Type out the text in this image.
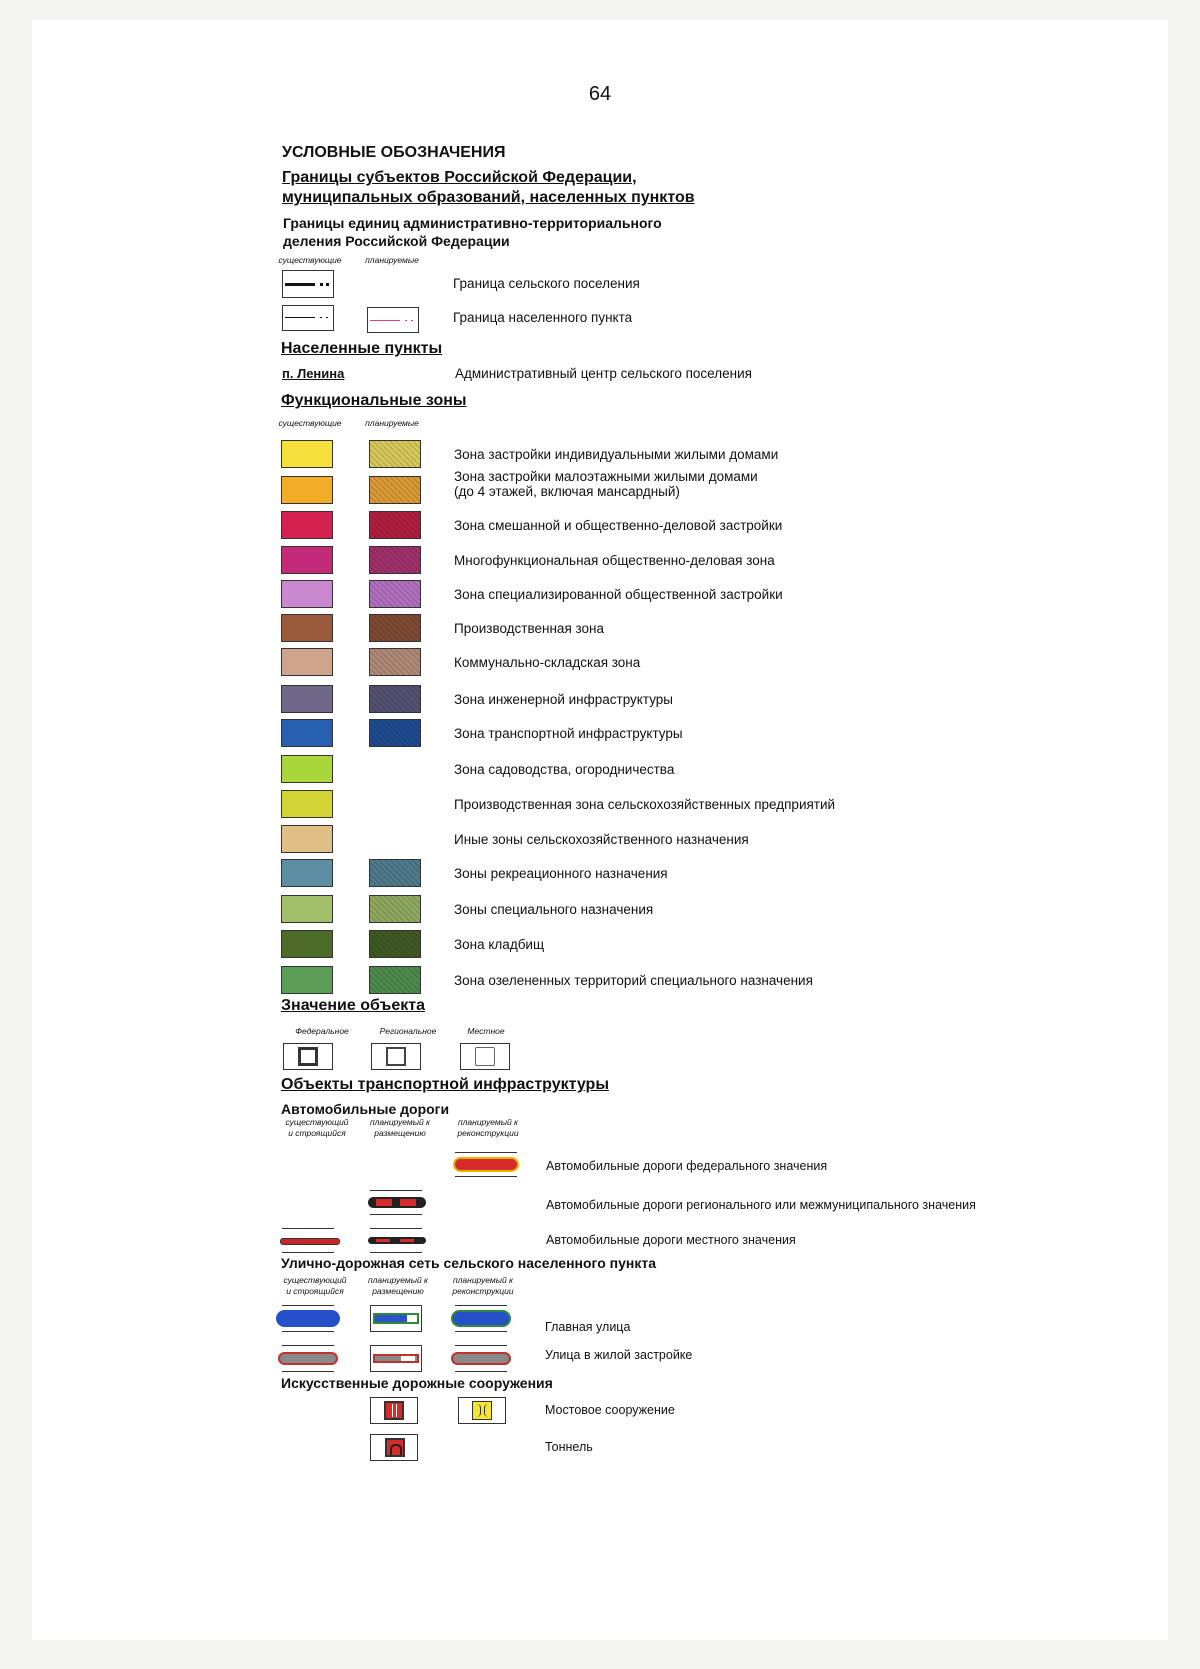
64
УСЛОВНЫЕ ОБОЗНАЧЕНИЯ
Границы субъектов Российской Федерации,
муниципальных образований, населенных пунктов
Границы единиц административно-территориального
деления Российской Федерации
существующие	планируемые
Граница сельского поселения
Граница населенного пункта
Населенные пункты
п. Ленина	Административный центр сельского поселения
Функциональные зоны
существующие	планируемые
Зона застройки индивидуальными жилыми домами
Зона застройки малоэтажными жилыми домами
(до 4 этажей, включая мансардный)
Зона смешанной и общественно-деловой застройки
Многофункциональная общественно-деловая зона
Зона специализированной общественной застройки
Производственная зона
Коммунально-складская зона
Зона инженерной инфраструктуры
Зона транспортной инфраструктуры
Зона садоводства, огородничества
Производственная зона сельскохозяйственных предприятий
Иные зоны сельскохозяйственного назначения
Зоны рекреационного назначения
Зоны специального назначения
Зона кладбищ
Зона озелененных территорий специального назначения
Значение объекта
Федеральное	Региональное	Местное
Объекты транспортной инфраструктуры
Автомобильные дороги
существующий
и строящийся
планируемый к
размещению
планируемый к
реконструкции
Автомобильные дороги федерального значения
Автомобильные дороги регионального или межмуниципального значения
Автомобильные дороги местного значения
Улично-дорожная сеть сельского населенного пункта
существующий
и строящийся
планируемый к
размещению
планируемый к
реконструкции
Главная улица
Улица в жилой застройке
Искусственные дорожные сооружения
Мостовое сооружение
Тоннель
